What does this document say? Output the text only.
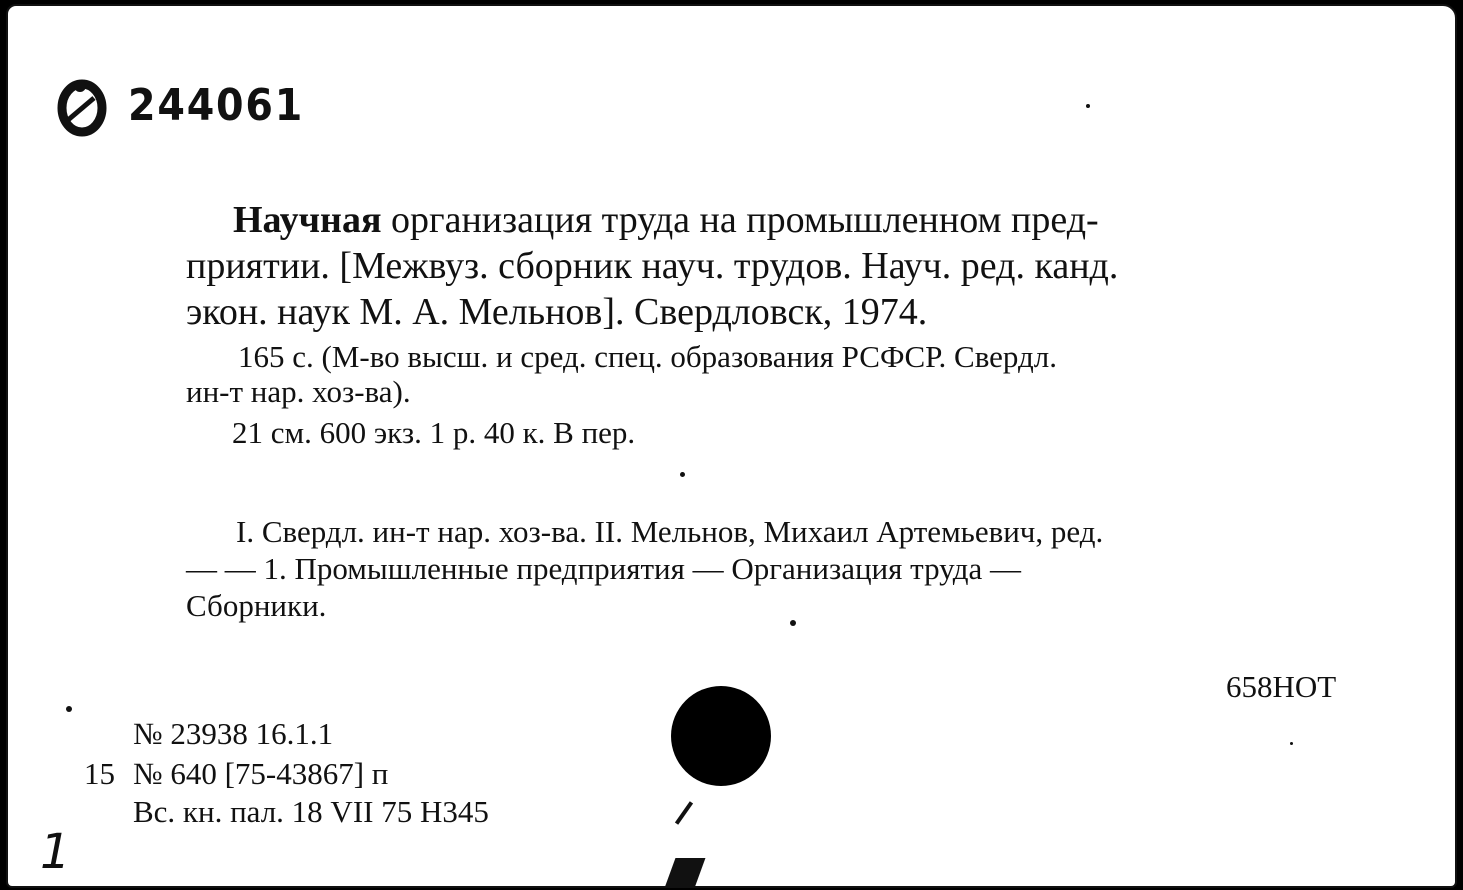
244061
Научная организация труда на промышленном пред-
приятии. [Межвуз. сборник науч. трудов. Науч. ред. канд.
экон. наук М. А. Мельнов]. Свердловск, 1974.
165 с. (М-во высш. и сред. спец. образования РСФСР. Свердл.
ин-т нар. хоз-ва).
21 см. 600 экз. 1 р. 40 к. В пер.
I. Свердл. ин-т нар. хоз-ва. II. Мельнов, Михаил Артемьевич, ред.
— — 1. Промышленные предприятия — Организация труда —
Сборники.
658НОТ
№ 23938 16.1.1
15 № 640 [75-43867] п
Вс. кн. пал. 18 VII 75 Н345
1
